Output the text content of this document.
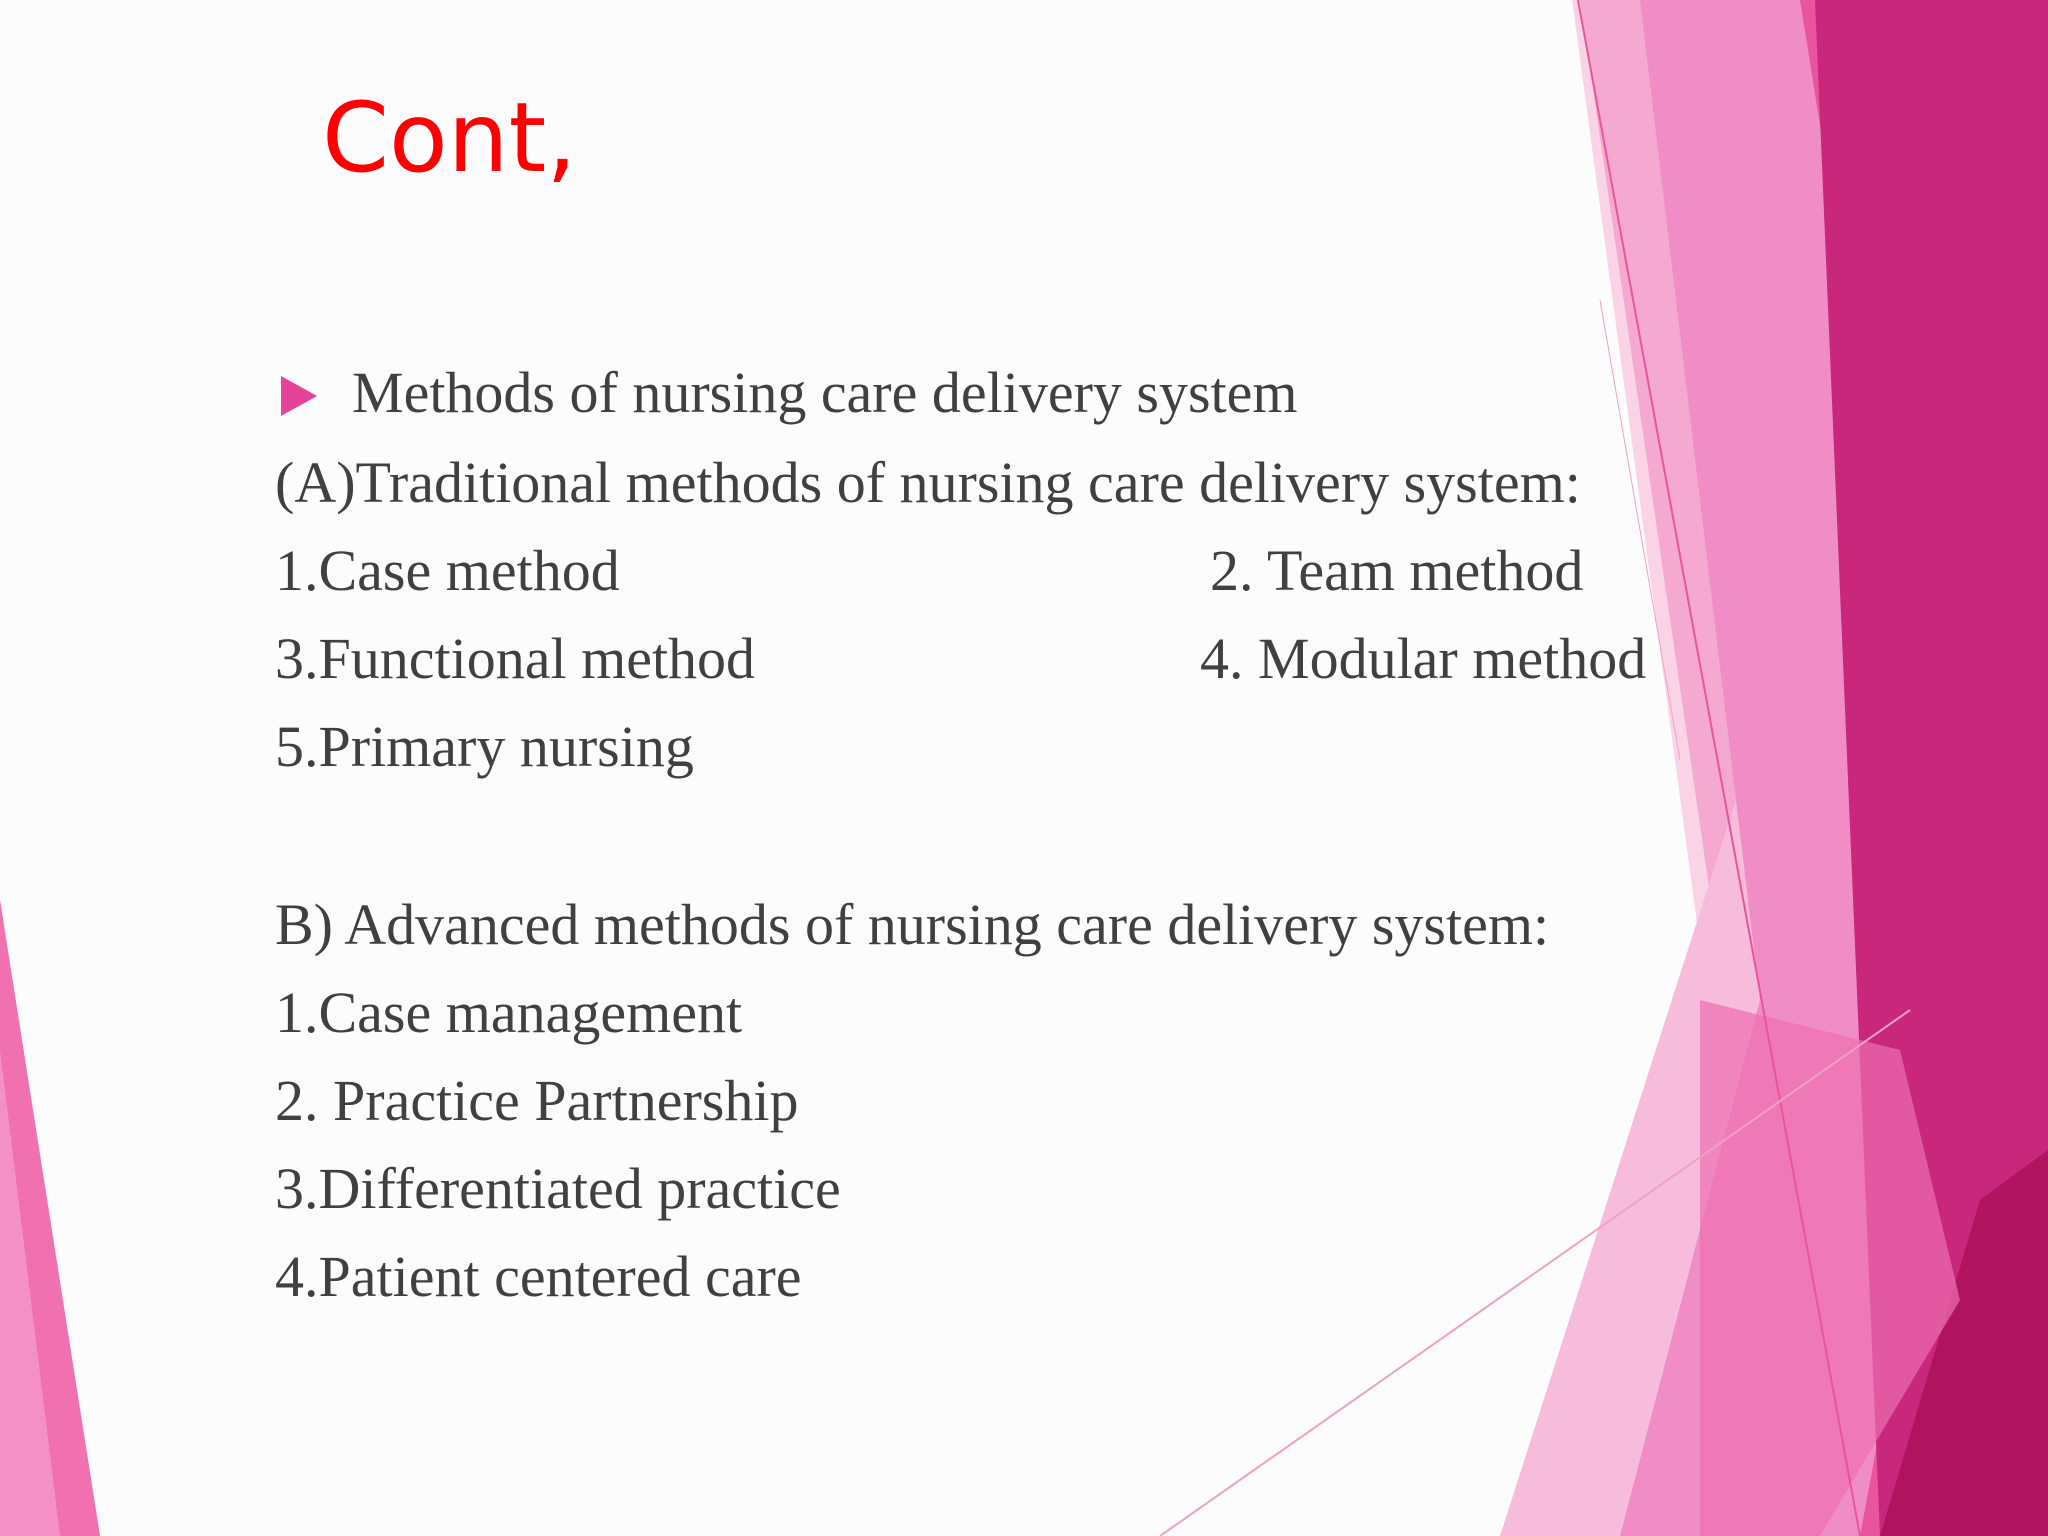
Cont,
Methods of nursing care delivery system
(A)Traditional methods of nursing care delivery system:
1.Case method	2. Team method
3.Functional method	4. Modular method
5.Primary nursing
B) Advanced methods of nursing care delivery system:
1.Case management
2. Practice Partnership
3.Differentiated practice
4.Patient centered care
